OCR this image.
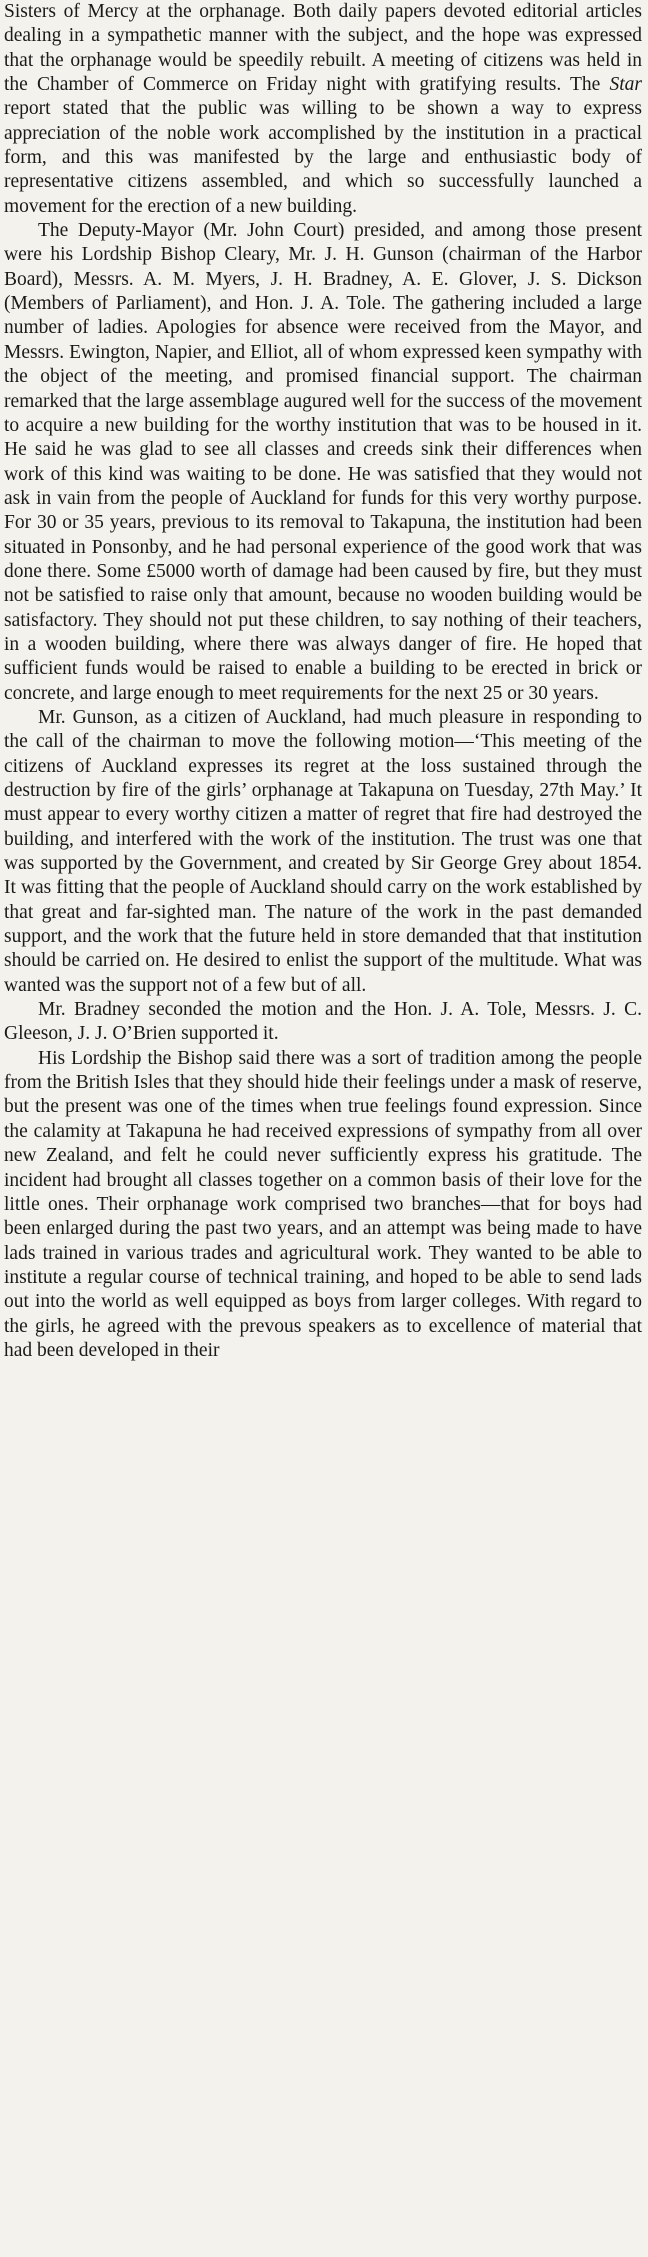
Sisters of Mercy at the orphanage. Both daily papers devoted editorial articles dealing in a sympathetic manner with the subject, and the hope was expressed that the orphanage would be speedily rebuilt. A meeting of citizens was held in the Chamber of Commerce on Friday night with gratifying results. The Star report stated that the public was willing to be shown a way to express appreciation of the noble work accomplished by the institution in a practical form, and this was manifested by the large and enthusiastic body of representative citizens assembled, and which so successfully launched a movement for the erection of a new building.

The Deputy-Mayor (Mr. John Court) presided, and among those present were his Lordship Bishop Cleary, Mr. J. H. Gunson (chairman of the Harbor Board), Messrs. A. M. Myers, J. H. Bradney, A. E. Glover, J. S. Dickson (Members of Parliament), and Hon. J. A. Tole. The gathering included a large number of ladies. Apologies for absence were received from the Mayor, and Messrs. Ewington, Napier, and Elliot, all of whom expressed keen sympathy with the object of the meeting, and promised financial support. The chairman remarked that the large assemblage augured well for the success of the movement to acquire a new building for the worthy institution that was to be housed in it. He said he was glad to see all classes and creeds sink their differences when work of this kind was waiting to be done. He was satisfied that they would not ask in vain from the people of Auckland for funds for this very worthy purpose. For 30 or 35 years, previous to its removal to Takapuna, the institution had been situated in Ponsonby, and he had personal experience of the good work that was done there. Some £5000 worth of damage had been caused by fire, but they must not be satisfied to raise only that amount, because no wooden building would be satisfactory. They should not put these children, to say nothing of their teachers, in a wooden building, where there was always danger of fire. He hoped that sufficient funds would be raised to enable a building to be erected in brick or concrete, and large enough to meet requirements for the next 25 or 30 years.

Mr. Gunson, as a citizen of Auckland, had much pleasure in responding to the call of the chairman to move the following motion—‘This meeting of the citizens of Auckland expresses its regret at the loss sustained through the destruction by fire of the girls’ orphanage at Takapuna on Tuesday, 27th May.’ It must appear to every worthy citizen a matter of regret that fire had destroyed the building, and interfered with the work of the institution. The trust was one that was supported by the Government, and created by Sir George Grey about 1854. It was fitting that the people of Auckland should carry on the work established by that great and far-sighted man. The nature of the work in the past demanded support, and the work that the future held in store demanded that that institution should be carried on. He desired to enlist the support of the multitude. What was wanted was the support not of a few but of all.

Mr. Bradney seconded the motion and the Hon. J. A. Tole, Messrs. J. C. Gleeson, J. J. O’Brien supported it.

His Lordship the Bishop said there was a sort of tradition among the people from the British Isles that they should hide their feelings under a mask of reserve, but the present was one of the times when true feelings found expression. Since the calamity at Takapuna he had received expressions of sympathy from all over new Zealand, and felt he could never sufficiently express his gratitude. The incident had brought all classes together on a common basis of their love for the little ones. Their orphanage work comprised two branches—that for boys had been enlarged during the past two years, and an attempt was being made to have lads trained in various trades and agricultural work. They wanted to be able to institute a regular course of technical training, and hoped to be able to send lads out into the world as well equipped as boys from larger colleges. With regard to the girls, he agreed with the prevous speakers as to excellence of material that had been developed in their
